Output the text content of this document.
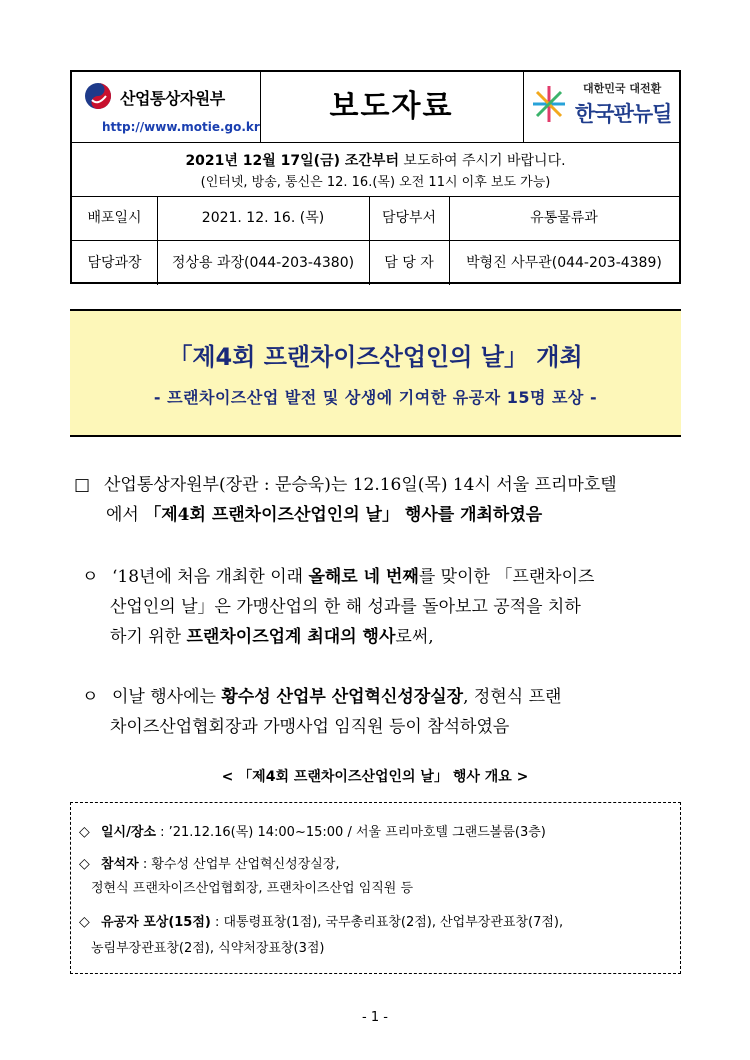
산업통상자원부
http://www.motie.go.kr
보도자료
대한민국 대전환
한국판뉴딜
2021년 12월 17일(금) 조간부터 보도하여 주시기 바랍니다.
(인터넷, 방송, 통신은 12. 16.(목) 오전 11시 이후 보도 가능)
배포일시	2021. 12. 16. (목)	담당부서	유통물류과
담당과장	정상용 과장(044-203-4380)	담 당 자	박형진 사무관(044-203-4389)
「제4회 프랜차이즈산업인의 날」 개최
- 프랜차이즈산업 발전 및 상생에 기여한 유공자 15명 포상 -
□ 산업통상자원부(장관 : 문승욱)는 12.16일(목) 14시 서울 프리마호텔
에서 「제4회 프랜차이즈산업인의 날」 행사를 개최하였음
ㅇ ‘18년에 처음 개최한 이래 올해로 네 번째를 맞이한 「프랜차이즈
산업인의 날」은 가맹산업의 한 해 성과를 돌아보고 공적을 치하
하기 위한 프랜차이즈업계 최대의 행사로써,
ㅇ 이날 행사에는 황수성 산업부 산업혁신성장실장, 정현식 프랜
차이즈산업협회장과 가맹사업 임직원 등이 참석하였음
< 「제4회 프랜차이즈산업인의 날」 행사 개요 >
◇ 일시/장소 : ’21.12.16(목) 14:00~15:00 / 서울 프리마호텔 그랜드볼룸(3층)
◇ 참석자 : 황수성 산업부 산업혁신성장실장,
정현식 프랜차이즈산업협회장, 프랜차이즈산업 임직원 등
◇ 유공자 포상(15점) : 대통령표창(1점), 국무총리표창(2점), 산업부장관표창(7점),
농림부장관표창(2점), 식약처장표창(3점)
- 1 -
